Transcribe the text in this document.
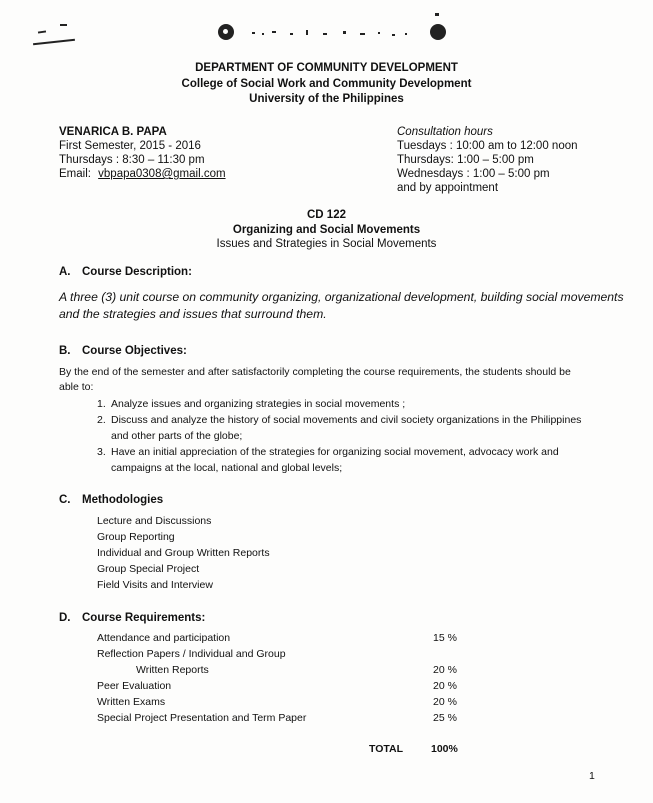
DEPARTMENT OF COMMUNITY DEVELOPMENT
College of Social Work and Community Development
University of the Philippines
VENARICA B. PAPA
First Semester, 2015 - 2016
Thursdays : 8:30 – 11:30 pm
Email: vbpapa0308@gmail.com
Consultation hours
Tuesdays : 10:00 am to 12:00 noon
Thursdays: 1:00 – 5:00 pm
Wednesdays : 1:00 – 5:00 pm
and by appointment
CD 122
Organizing and Social Movements
Issues and Strategies in Social Movements
A. Course Description:
A three (3) unit course on community organizing, organizational development, building social movements
and the strategies and issues that surround them.
B. Course Objectives:
By the end of the semester and after satisfactorily completing the course requirements, the students should be
able to:
1. Analyze issues and organizing strategies in social movements ;
2. Discuss and analyze the history of social movements and civil society organizations in the Philippines
and other parts of the globe;
3. Have an initial appreciation of the strategies for organizing social movement, advocacy work and
campaigns at the local, national and global levels;
C. Methodologies
Lecture and Discussions
Group Reporting
Individual and Group Written Reports
Group Special Project
Field Visits and Interview
D. Course Requirements:
Attendance and participation	15 %
Reflection Papers / Individual and Group
Written Reports	20 %
Peer Evaluation	20 %
Written Exams	20 %
Special Project Presentation and Term Paper	25 %
TOTAL	100%
1
